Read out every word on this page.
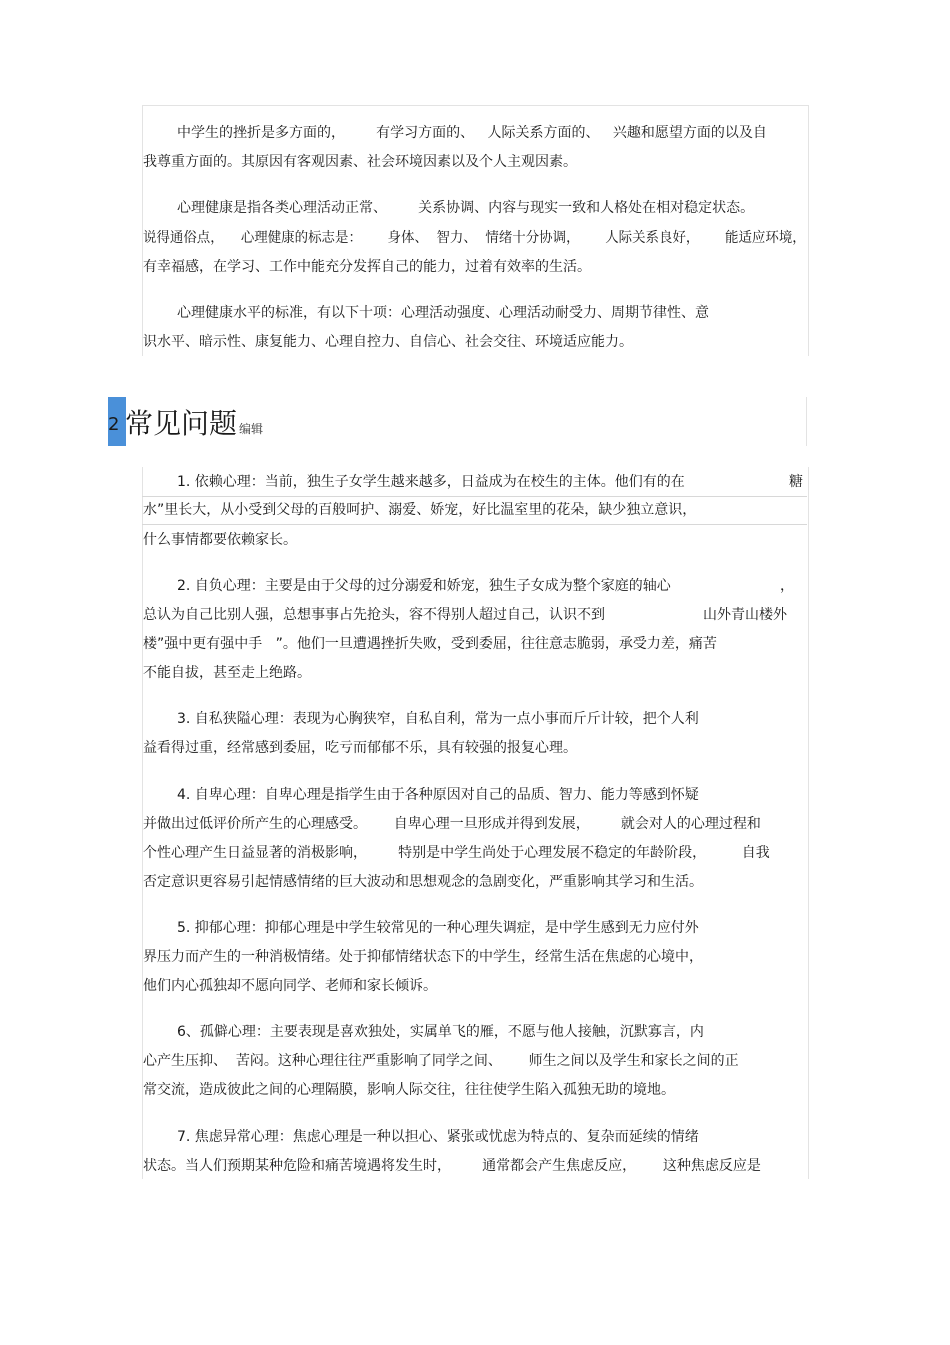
中学生的挫折是多方面的，       有学习方面的、   人际关系方面的、   兴趣和愿望方面的以及自
我尊重方面的。其原因有客观因素、社会环境因素以及个人主观因素。
心理健康是指各类心理活动正常、       关系协调、内容与现实一致和人格处在相对稳定状态。
说得通俗点，    心理健康的标志是：      身体、  智力、  情绪十分协调，      人际关系良好，      能适应环境，
有幸福感，在学习、工作中能充分发挥自己的能力，过着有效率的生活。
心理健康水平的标准，有以下十项：心理活动强度、心理活动耐受力、周期节律性、意
识水平、暗示性、康复能力、心理自控力、自信心、社会交往、环境适应能力。
2 常见问题 编辑
1. 依赖心理：当前，独生子女学生越来越多，日益成为在校生的主体。他们有的在	糖
水”里长大，从小受到父母的百般呵护、溺爱、娇宠，好比温室里的花朵，缺少独立意识，
什么事情都要依赖家长。
2. 自负心理：主要是由于父母的过分溺爱和娇宠，独生子女成为整个家庭的轴心	，
总认为自己比别人强，总想事事占先抢头，容不得别人超过自己，认识不到	山外青山楼外
楼”强中更有强中手   ”。他们一旦遭遇挫折失败，受到委屈，往往意志脆弱，承受力差，痛苦
不能自拔，甚至走上绝路。
3. 自私狭隘心理：表现为心胸狭窄，自私自利，常为一点小事而斤斤计较，把个人利
益看得过重，经常感到委屈，吃亏而郁郁不乐，具有较强的报复心理。
4. 自卑心理：自卑心理是指学生由于各种原因对自己的品质、智力、能力等感到怀疑
并做出过低评价所产生的心理感受。      自卑心理一旦形成并得到发展，       就会对人的心理过程和
个性心理产生日益显著的消极影响，       特别是中学生尚处于心理发展不稳定的年龄阶段，        自我
否定意识更容易引起情感情绪的巨大波动和思想观念的急剧变化，严重影响其学习和生活。
5. 抑郁心理：抑郁心理是中学生较常见的一种心理失调症，是中学生感到无力应付外
界压力而产生的一种消极情绪。处于抑郁情绪状态下的中学生，经常生活在焦虑的心境中，
他们内心孤独却不愿向同学、老师和家长倾诉。
6、孤僻心理：主要表现是喜欢独处，实属单飞的雁，不愿与他人接触，沉默寡言，内
心产生压抑、  苦闷。这种心理往往严重影响了同学之间、      师生之间以及学生和家长之间的正
常交流，造成彼此之间的心理隔膜，影响人际交往，往往使学生陷入孤独无助的境地。
7. 焦虑异常心理：焦虑心理是一种以担心、紧张或忧虑为特点的、复杂而延续的情绪
状态。当人们预期某种危险和痛苦境遇将发生时，       通常都会产生焦虑反应，      这种焦虑反应是
